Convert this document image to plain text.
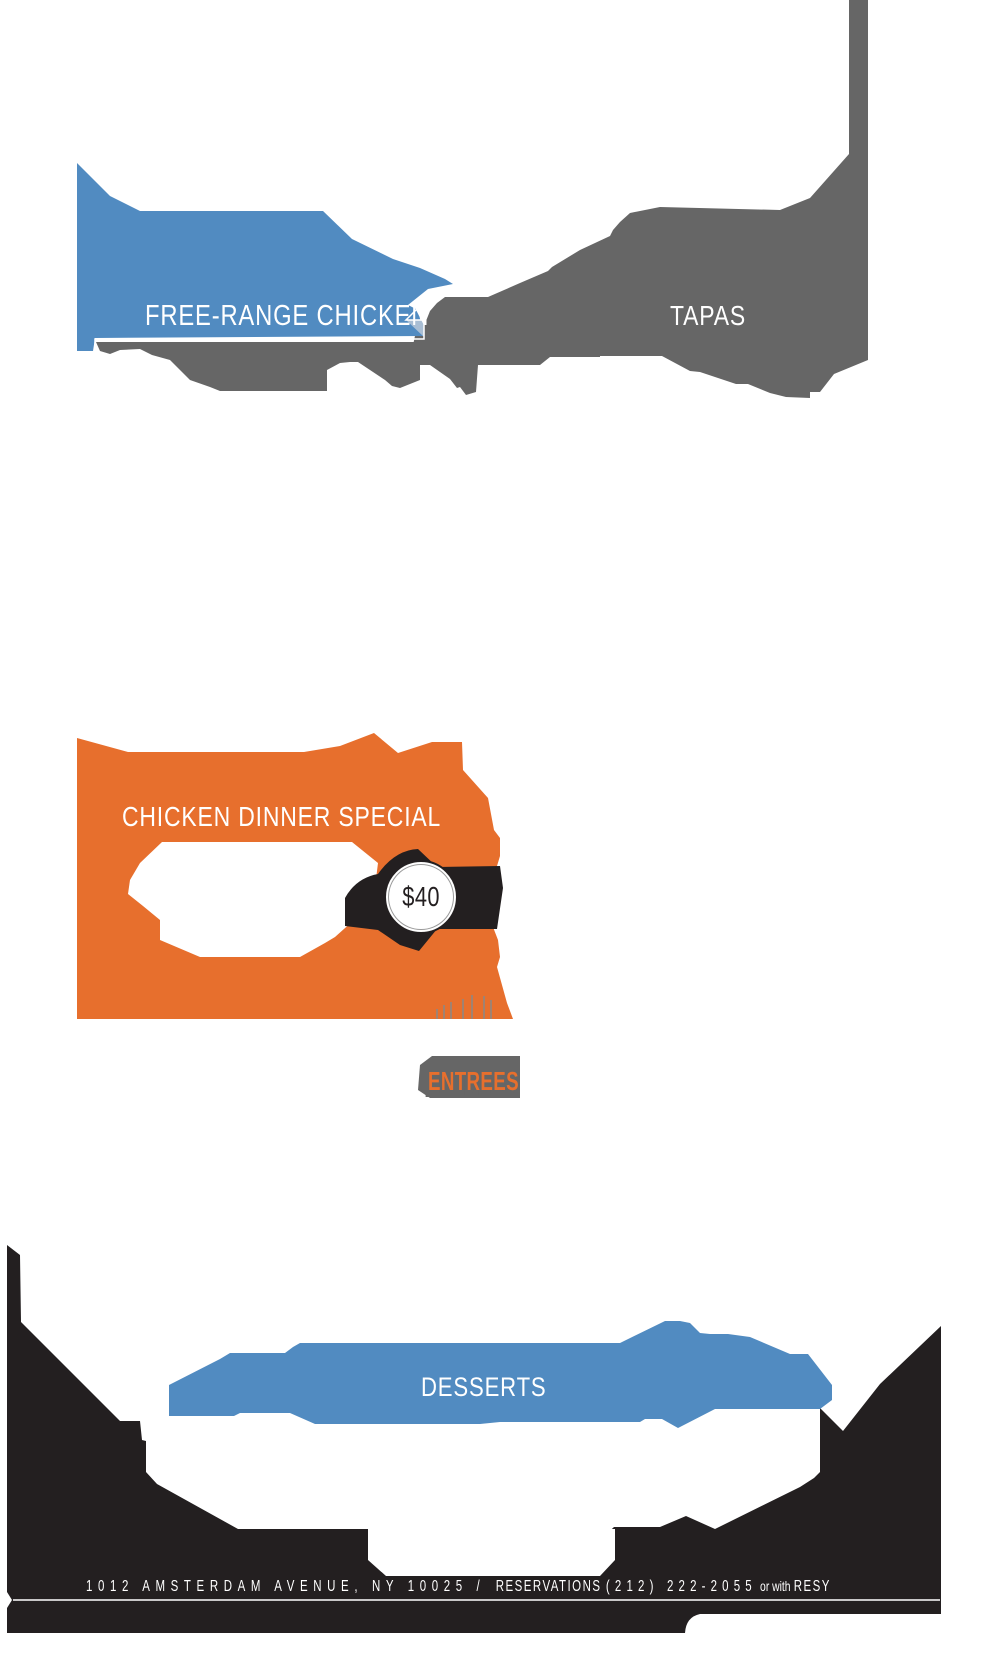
FREE-RANGE CHICKEN	TAPAS
CHICKEN DINNER SPECIAL
$40
ENTREES
DESSERTS
1012 AMSTERDAM AVENUE, NY 10025 / RESERVATIONS (212) 222-2055 or with RESY
